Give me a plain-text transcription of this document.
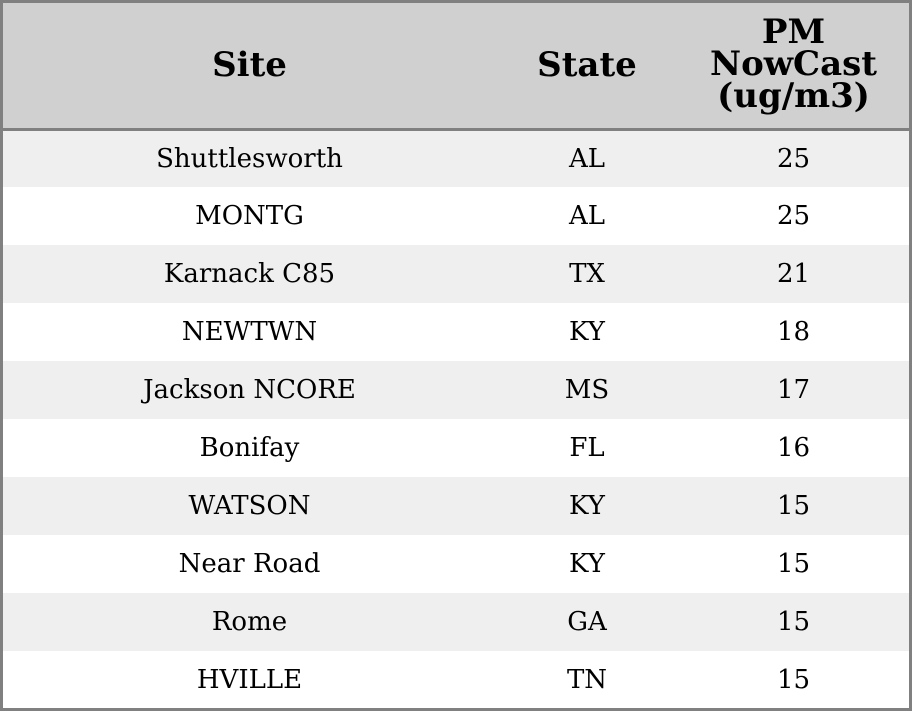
Site	State	PM
NowCast
(ug/m3)

Shuttlesworth	AL	25
MONTG	AL	25
Karnack C85	TX	21
NEWTWN	KY	18
Jackson NCORE	MS	17
Bonifay	FL	16
WATSON	KY	15
Near Road	KY	15
Rome	GA	15
HVILLE	TN	15
